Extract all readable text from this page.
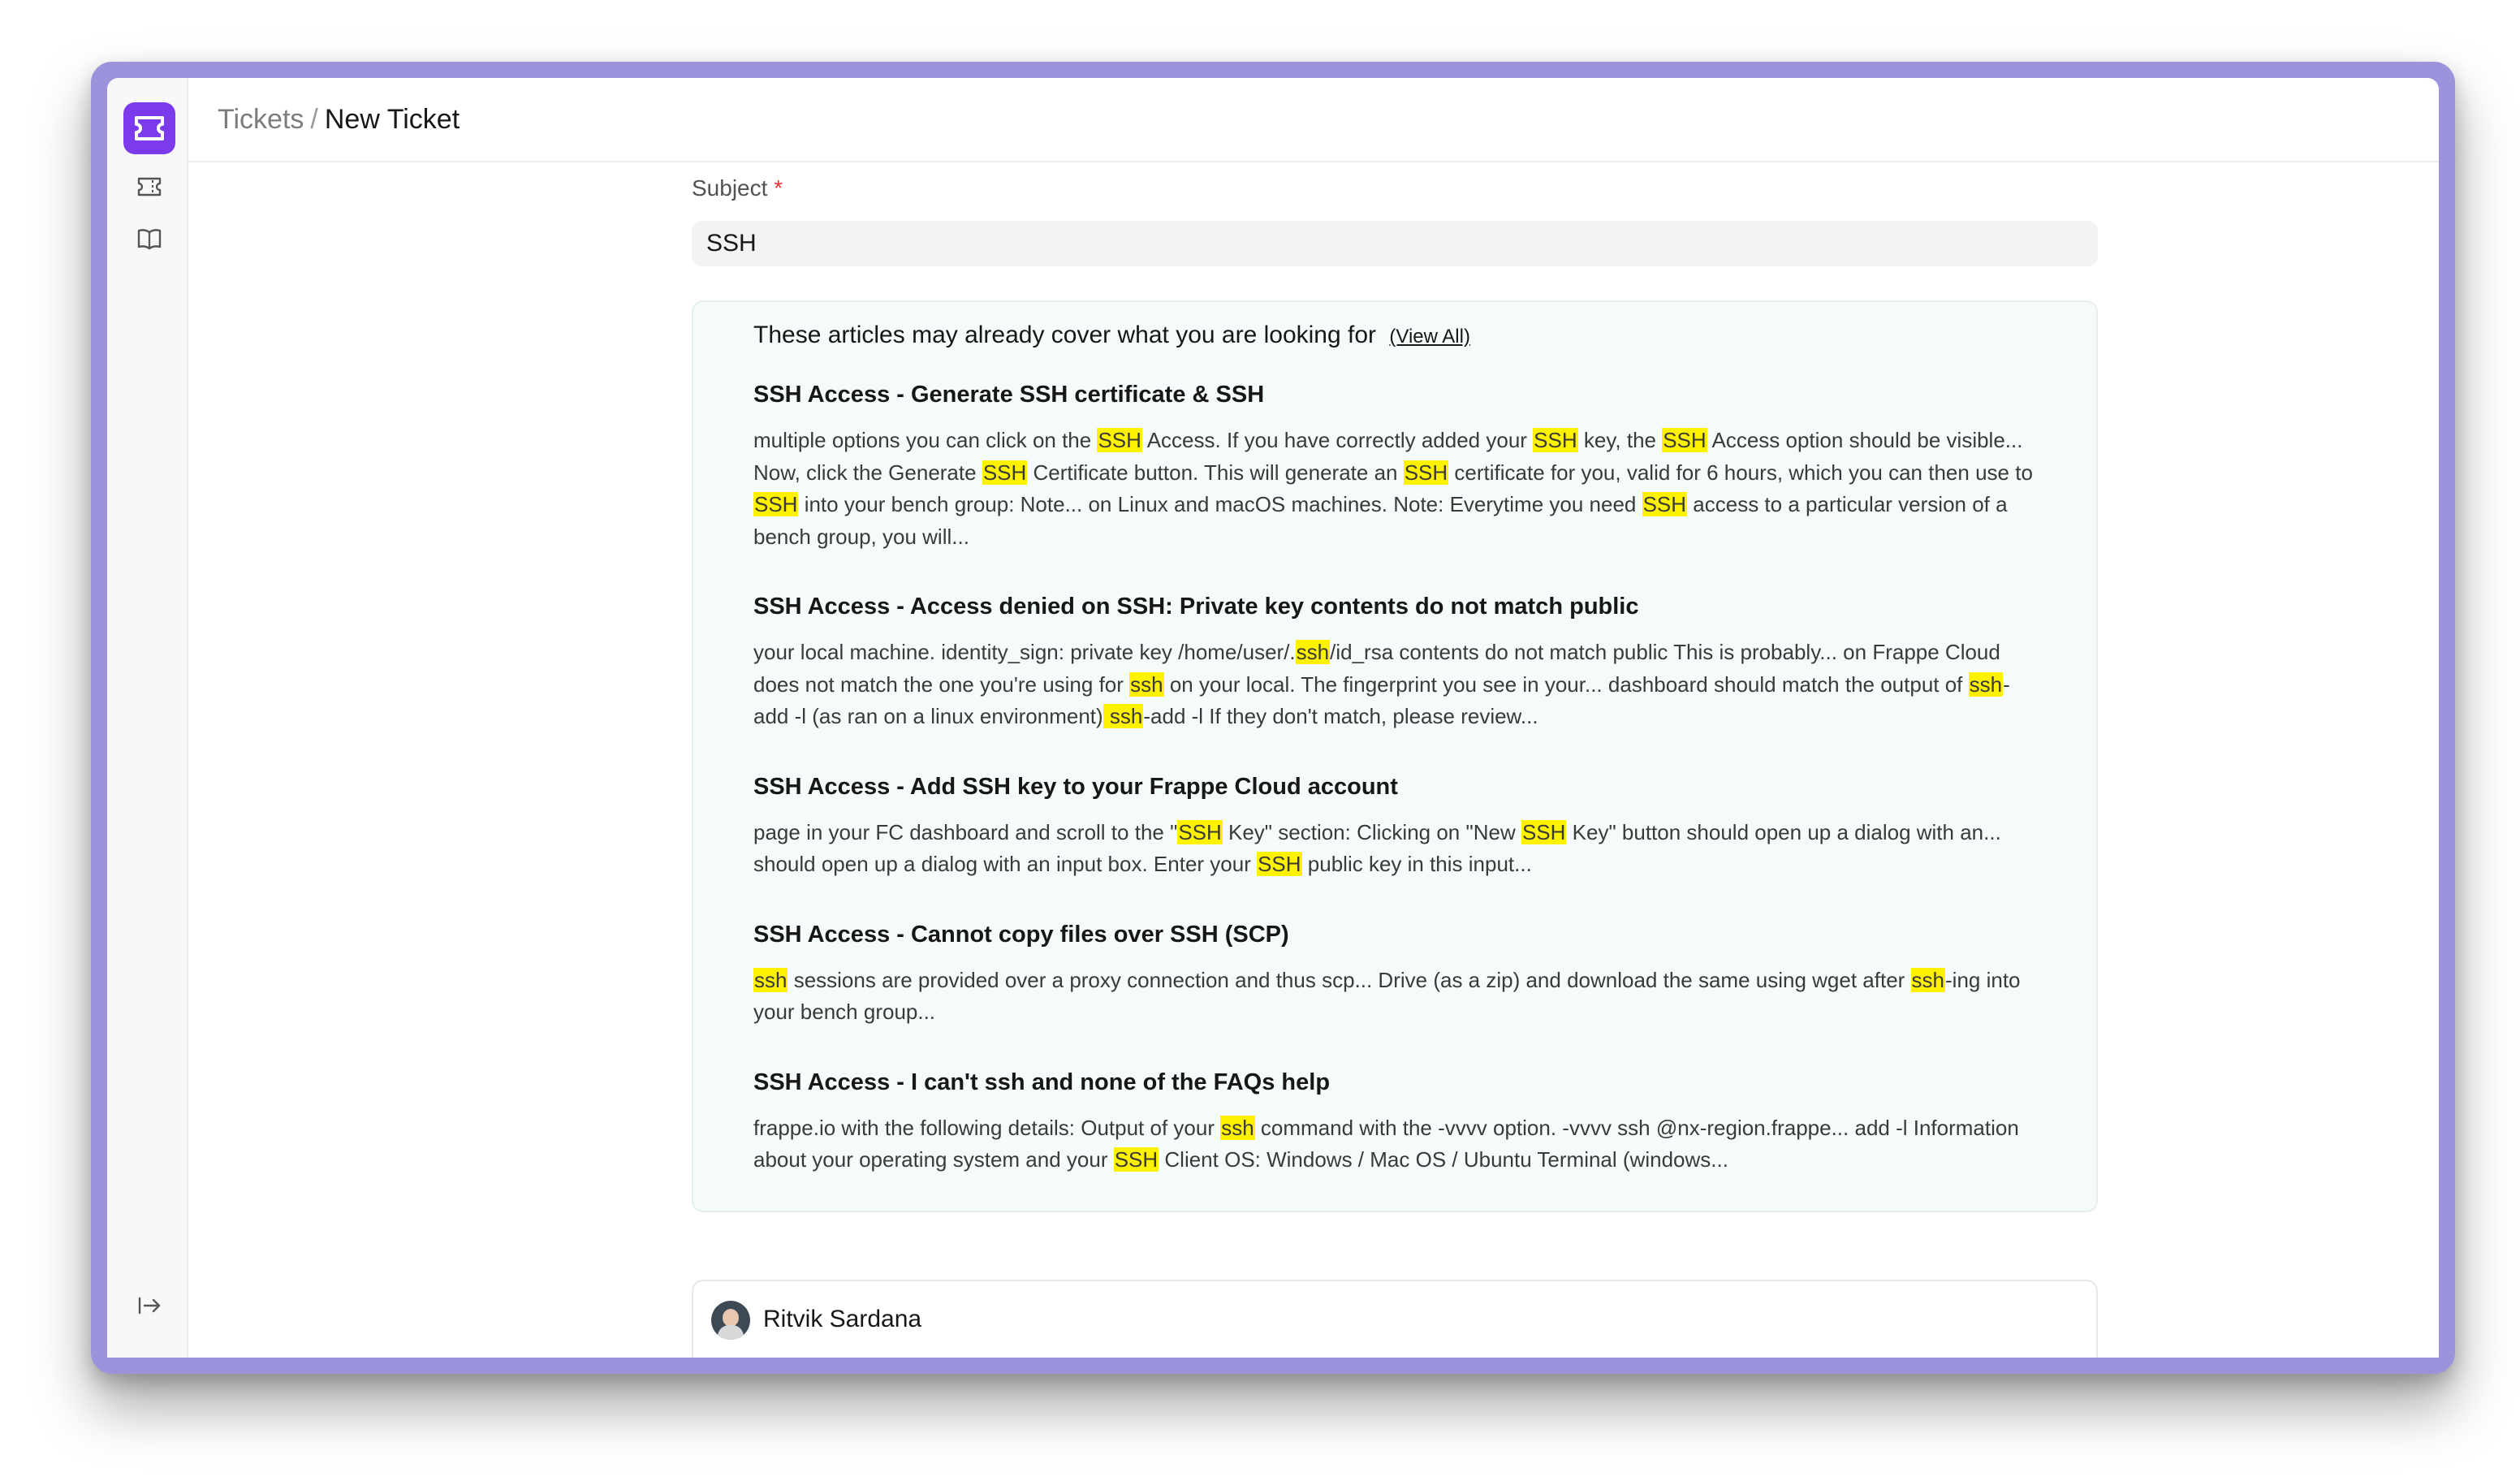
Tickets / New Ticket
Subject *
SSH
These articles may already cover what you are looking for (View All)
SSH Access - Generate SSH certificate & SSH
multiple options you can click on the SSH Access. If you have correctly added your SSH key, the SSH Access option should be visible... Now, click the Generate SSH Certificate button. This will generate an SSH certificate for you, valid for 6 hours, which you can then use to SSH into your bench group: Note... on Linux and macOS machines. Note: Everytime you need SSH access to a particular version of a bench group, you will...
SSH Access - Access denied on SSH: Private key contents do not match public
your local machine. identity_sign: private key /home/user/.ssh/id_rsa contents do not match public This is probably... on Frappe Cloud does not match the one you're using for ssh on your local. The fingerprint you see in your... dashboard should match the output of ssh-add -l (as ran on a linux environment) ssh-add -l If they don't match, please review...
SSH Access - Add SSH key to your Frappe Cloud account
page in your FC dashboard and scroll to the "SSH Key" section: Clicking on "New SSH Key" button should open up a dialog with an... should open up a dialog with an input box. Enter your SSH public key in this input...
SSH Access - Cannot copy files over SSH (SCP)
ssh sessions are provided over a proxy connection and thus scp... Drive (as a zip) and download the same using wget after ssh-ing into your bench group...
SSH Access - I can't ssh and none of the FAQs help
frappe.io with the following details: Output of your ssh command with the -vvvv option. -vvvv ssh @nx-region.frappe... add -l Information about your operating system and your SSH Client OS: Windows / Mac OS / Ubuntu Terminal (windows...
Ritvik Sardana
